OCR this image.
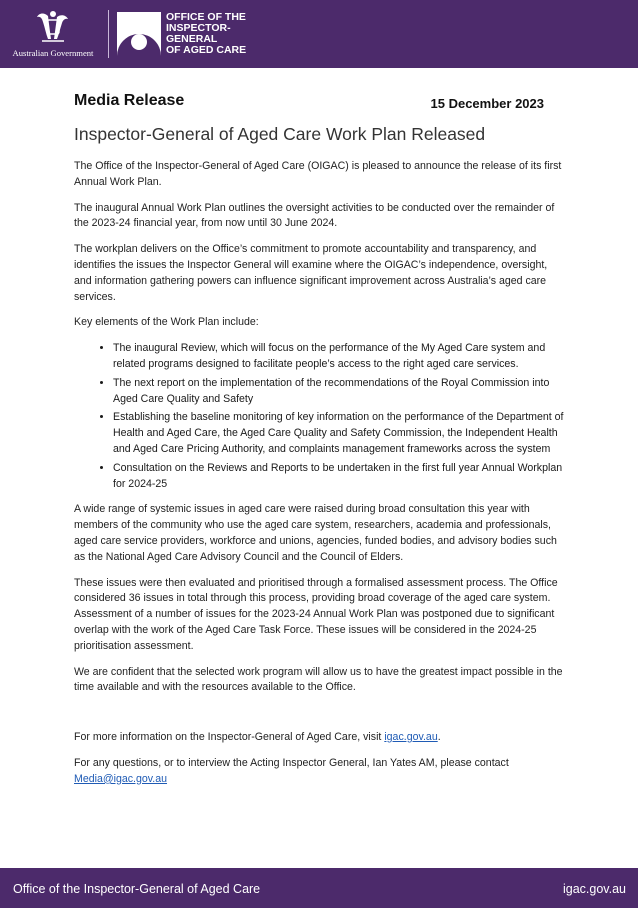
Australian Government
OFFICE OF THE
INSPECTOR-
GENERAL
OF AGED CARE
Media Release	15 December 2023
Inspector-General of Aged Care Work Plan Released

The Office of the Inspector-General of Aged Care (OIGAC) is pleased to announce the release of its first Annual Work Plan.

The inaugural Annual Work Plan outlines the oversight activities to be conducted over the remainder of the 2023-24 financial year, from now until 30 June 2024.

The workplan delivers on the Office’s commitment to promote accountability and transparency, and identifies the issues the Inspector General will examine where the OIGAC’s independence, oversight, and information gathering powers can influence significant improvement across Australia’s aged care services.

Key elements of the Work Plan include:

• The inaugural Review, which will focus on the performance of the My Aged Care system and related programs designed to facilitate people’s access to the right aged care services.
• The next report on the implementation of the recommendations of the Royal Commission into Aged Care Quality and Safety
• Establishing the baseline monitoring of key information on the performance of the Department of Health and Aged Care, the Aged Care Quality and Safety Commission, the Independent Health and Aged Care Pricing Authority, and complaints management frameworks across the system
• Consultation on the Reviews and Reports to be undertaken in the first full year Annual Workplan for 2024-25

A wide range of systemic issues in aged care were raised during broad consultation this year with members of the community who use the aged care system, researchers, academia and professionals, aged care service providers, workforce and unions, agencies, funded bodies, and advisory bodies such as the National Aged Care Advisory Council and the Council of Elders.

These issues were then evaluated and prioritised through a formalised assessment process. The Office considered 36 issues in total through this process, providing broad coverage of the aged care system. Assessment of a number of issues for the 2023-24 Annual Work Plan was postponed due to significant overlap with the work of the Aged Care Task Force. These issues will be considered in the 2024-25 prioritisation assessment.

We are confident that the selected work program will allow us to have the greatest impact possible in the time available and with the resources available to the Office.

For more information on the Inspector-General of Aged Care, visit igac.gov.au.

For any questions, or to interview the Acting Inspector General, Ian Yates AM, please contact Media@igac.gov.au

Office of the Inspector-General of Aged Care	igac.gov.au
